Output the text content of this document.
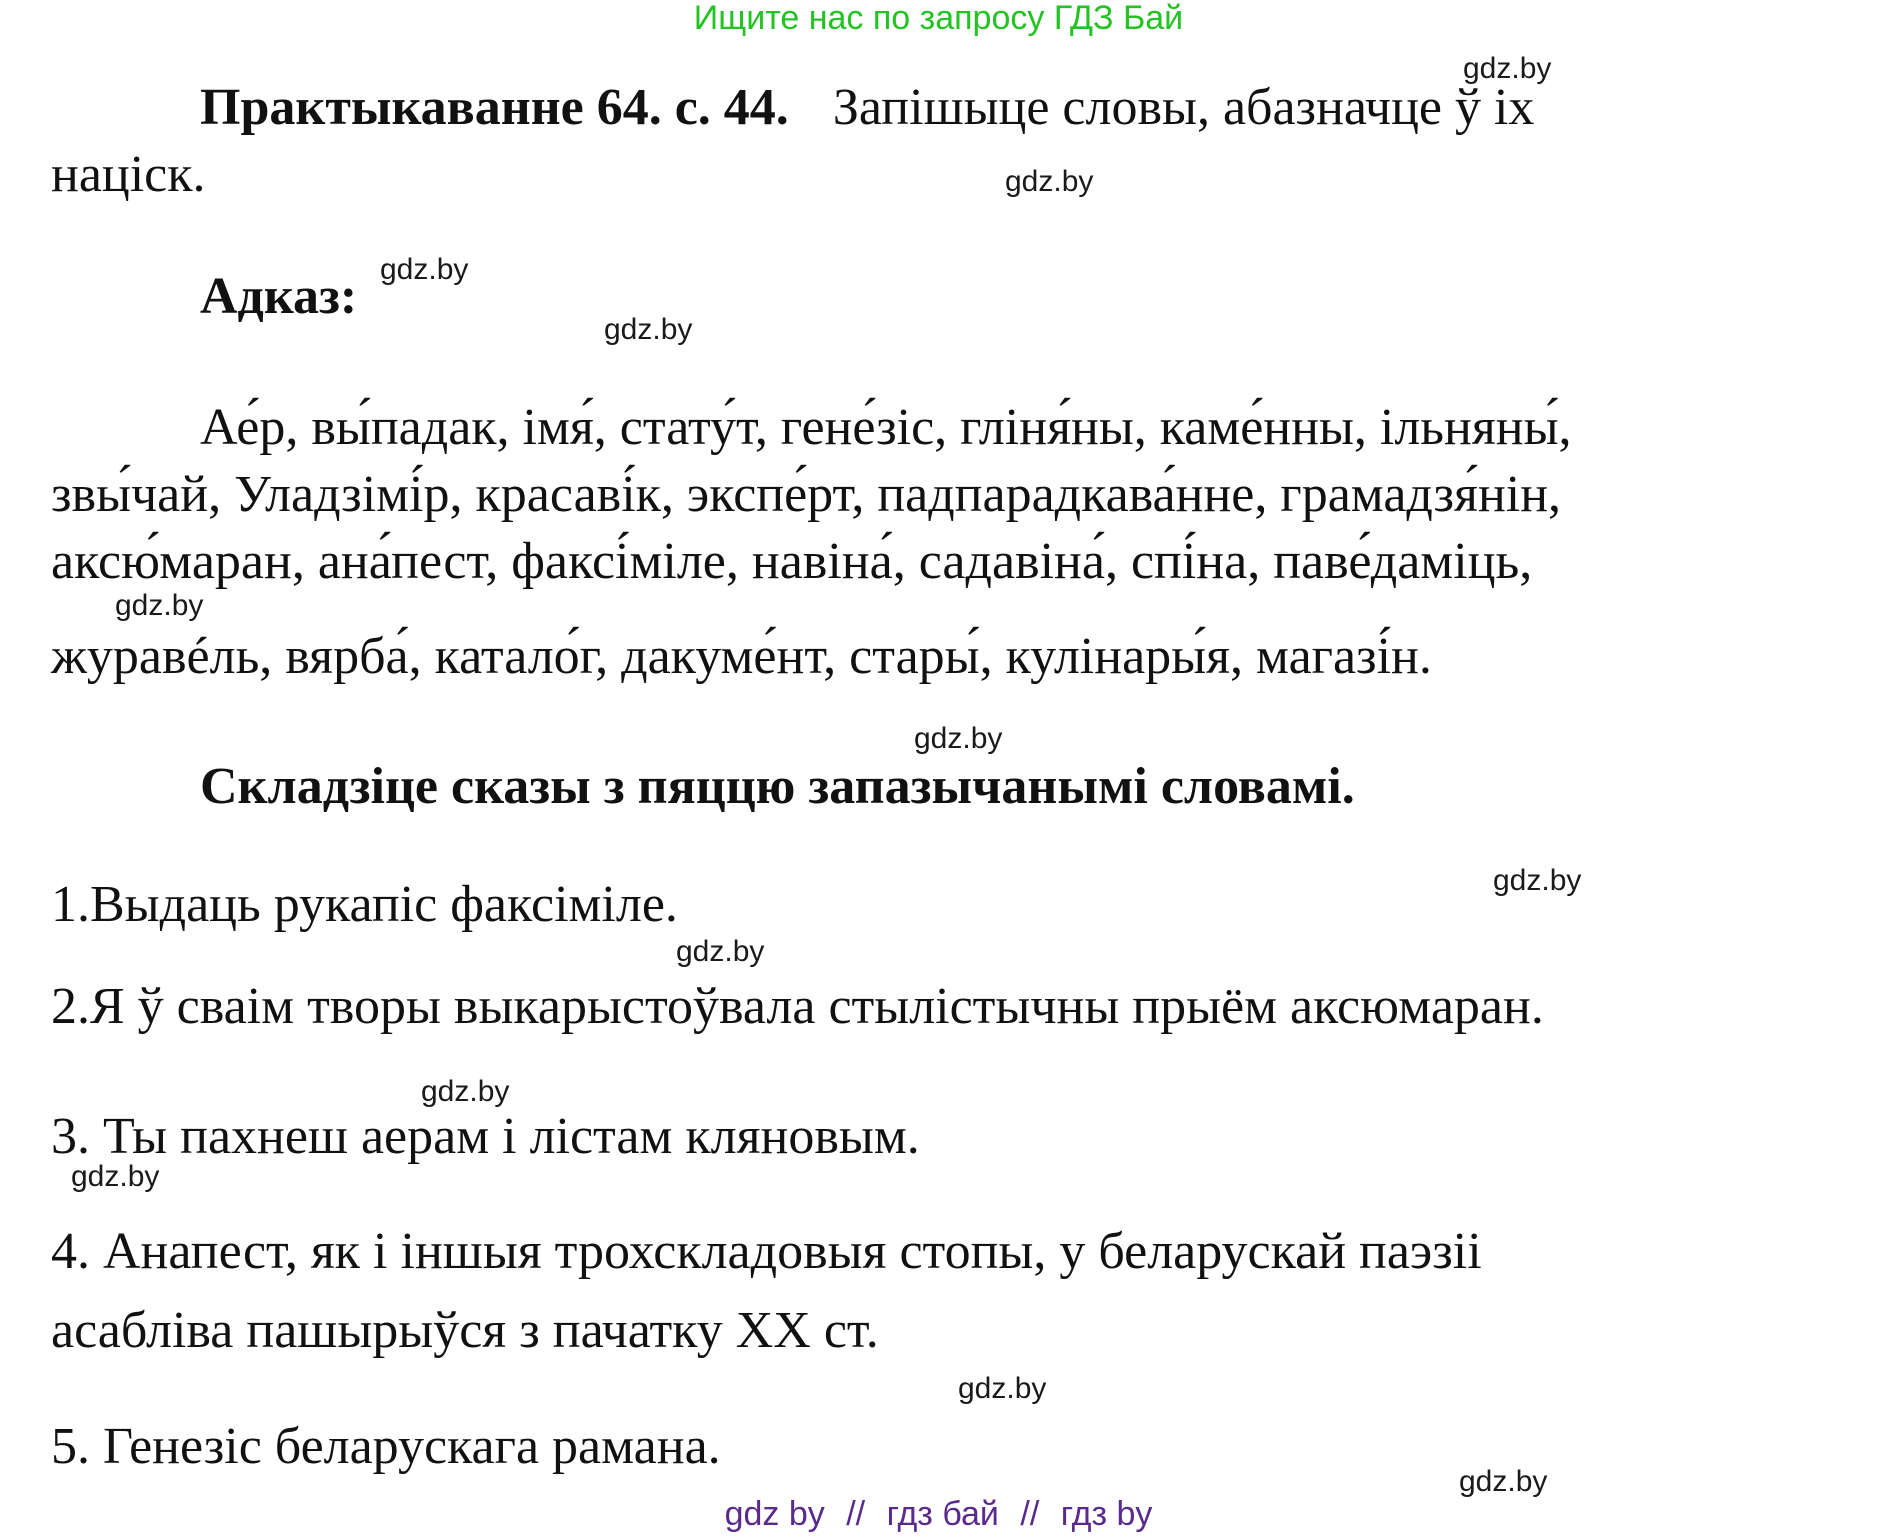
Ищите нас по запросу ГДЗ Бай
gdz.by
gdz.by
gdz.by
gdz.by
gdz.by
gdz.by
gdz.by
gdz.by
gdz.by
gdz.by
gdz.by
gdz.by
Практыкаванне 64. с. 44. Запішыце словы, абазначце ў іх
націск.
Адказ:
Ае́р, вы́падак, імя́, стату́т, гене́зіс, гліня́ны, каме́нны, ільняны́,
звы́чай, Уладзімі́р, красаві́к, экспе́рт, падпарадкава́нне, грамадзя́нін,
аксю́маран, ана́пест, факсі́міле, навіна́, садавіна́, спі́на, паве́даміць,
журавéль, вярба́, катало́г, дакуме́нт, стары́, кулінары́я, магазі́н.
Складзіце сказы з пяццю запазычанымі словамі.
1.Выдаць рукапіс факсіміле.
2.Я ў сваім творы выкарыстоўвала стылістычны прыём аксюмаран.
3. Ты пахнеш аерам і лістам кляновым.
4. Анапест, як і іншыя трохскладовыя стопы, у беларускай паэзіі
асабліва пашырыўся з пачатку XX ст.
5. Генезіс беларускага рамана.
gdz by // гдз бай // гдз by
